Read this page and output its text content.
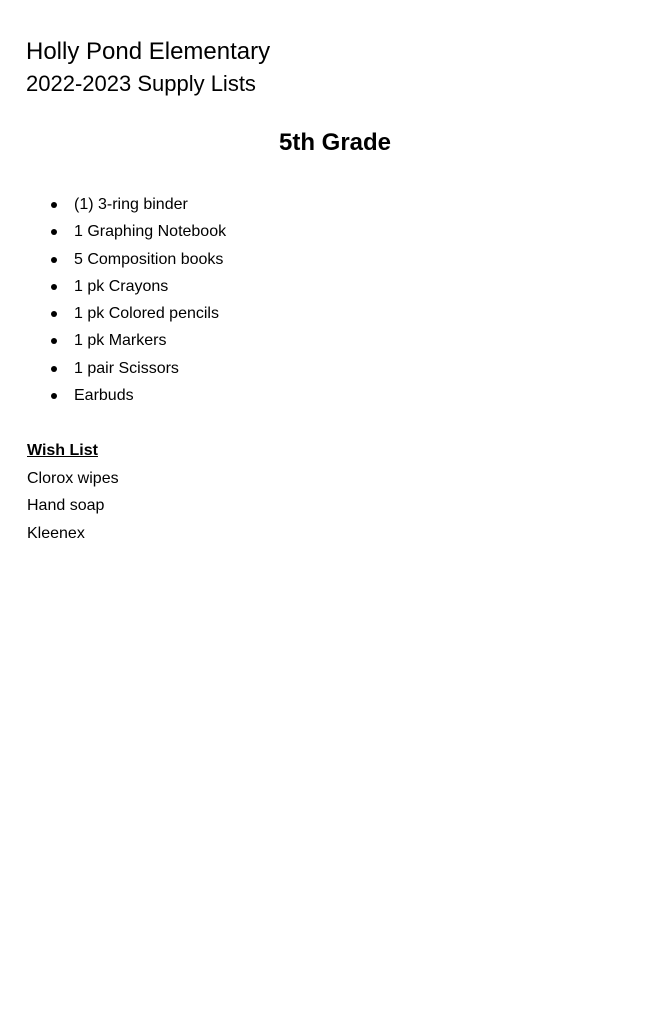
Holly Pond Elementary
2022-2023 Supply Lists
5th Grade
(1) 3-ring binder
1 Graphing Notebook
5 Composition books
1 pk Crayons
1 pk Colored pencils
1 pk Markers
1 pair Scissors
Earbuds
Wish List
Clorox wipes
Hand soap
Kleenex
